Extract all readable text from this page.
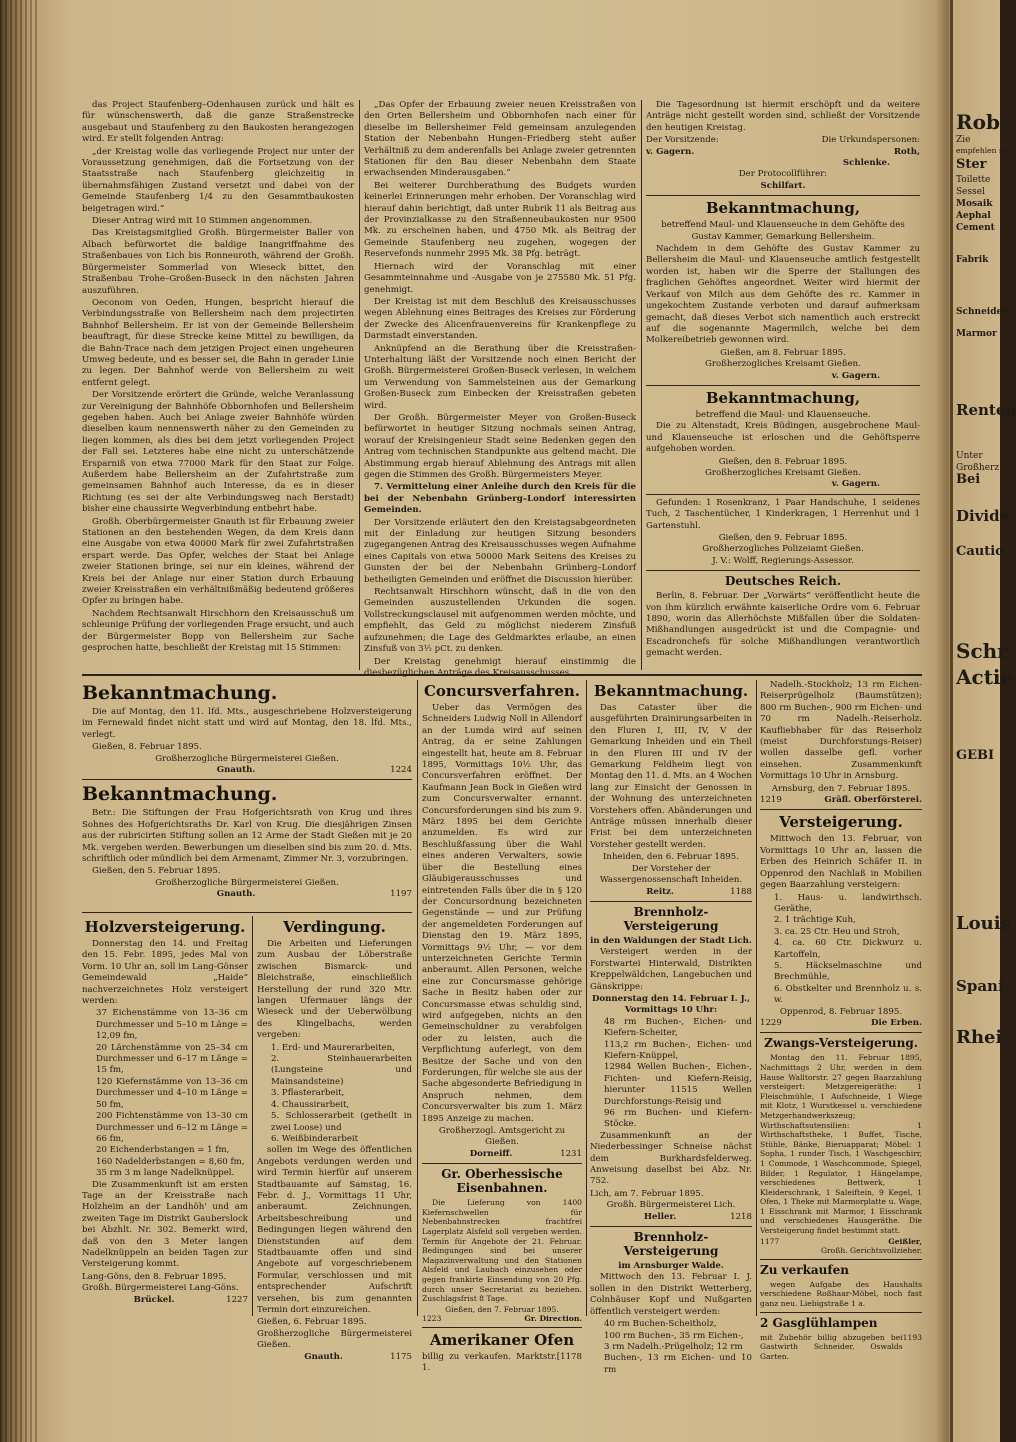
das Project Staufenberg–Odenhausen zurück und hält es für wünschenswerth, daß die ganze Straßenstrecke ausgebaut und Staufenberg zu den Baukosten herangezogen wird. Er stellt folgenden Antrag:

„der Kreistag wolle das vorliegende Project nur unter der Voraussetzung genehmigen, daß die Fortsetzung von der Staatsstraße nach Staufenberg gleichzeitig in übernahmsfähigen Zustand versetzt und dabei von der Gemeinde Staufenberg 1/4 zu den Gesammtbaukosten beigetragen wird.“

Dieser Antrag wird mit 10 Stimmen angenommen.

Das Kreistagsmitglied Großh. Bürgermeister Baller von Albach befürwortet die baldige Inangriffnahme des Straßenbaues von Lich bis Ronneuroth, während der Großh. Bürgermeister Sommerlad von Wieseck bittet, den Straßenbau Trohe–Großen-Buseck in den nächsten Jahren auszuführen.

Oeconom von Oeden, Hungen, bespricht hierauf die Verbindungsstraße von Bellersheim nach dem projectirten Bahnhof Bellersheim. Er ist von der Gemeinde Bellersheim beauftragt, für diese Strecke keine Mittel zu bewilligen, da die Bahn-Trace nach dem jetzigen Project einen ungeheuren Umweg bedeute, und es besser sei, die Bahn in gerader Linie zu legen. Der Bahnhof werde von Bellersheim zu weit entfernt gelegt.

Der Vorsitzende erörtert die Gründe, welche Veranlassung zur Vereinigung der Bahnhöfe Obbornhofen und Bellersheim gegeben haben. Auch bei Anlage zweier Bahnhöfe würden dieselben kaum nennenswerth näher zu den Gemeinden zu liegen kommen, als dies bei dem jetzt vorliegenden Project der Fall sei. Letzteres habe eine nicht zu unterschätzende Ersparniß von etwa 77000 Mark für den Staat zur Folge. Außerdem habe Bellersheim an der Zufahrtstraße zum gemeinsamen Bahnhof auch Interesse, da es in dieser Richtung (es sei der alte Verbindungsweg nach Berstadt) bisher eine chaussirte Wegverbindung entbehrt habe.

Großh. Oberbürgermeister Gnauth ist für Erbauung zweier Stationen an den bestehenden Wegen, da dem Kreis dann eine Ausgabe von etwa 40000 Mark für zwei Zufahrtstraßen erspart werde. Das Opfer, welches der Staat bei Anlage zweier Stationen bringe, sei nur ein kleines, während der Kreis bei der Anlage nur einer Station durch Erbauung zweier Kreisstraßen ein verhältnißmäßig bedeutend größeres Opfer zu bringen habe.

Nachdem Rechtsanwalt Hirschhorn den Kreisausschuß um schleunige Prüfung der vorliegenden Frage ersucht, und auch der Bürgermeister Bopp von Bellersheim zur Sache gesprochen hatte, beschließt der Kreistag mit 15 Stimmen:

„Das Opfer der Erbauung zweier neuen Kreisstraßen von den Orten Bellersheim und Obbornhofen nach einer für dieselbe im Bellersheimer Feld gemeinsam anzulegenden Station der Nebenbahn Hungen–Friedberg steht außer Verhältniß zu dem anderenfalls bei Anlage zweier getrennten Stationen für den Bau dieser Nebenbahn dem Staate erwachsenden Minderausgaben.“

Bei weiterer Durchberathung des Budgets wurden keinerlei Erinnerungen mehr erhoben. Der Voranschlag wird hierauf dahin berichtigt, daß unter Rubrik 11 als Beitrag aus der Provinzialkasse zu den Straßenneubaukosten nur 9500 Mk. zu erscheinen haben, und 4750 Mk. als Beitrag der Gemeinde Staufenberg neu zugehen, wogegen der Reservefonds nunmehr 2995 Mk. 38 Pfg. beträgt.

Hiernach wird der Voranschlag mit einer Gesammteinnahme und -Ausgabe von je 275580 Mk. 51 Pfg. genehmigt.

Der Kreistag ist mit dem Beschluß des Kreisausschusses wegen Ablehnung eines Beitrages des Kreises zur Förderung der Zwecke des Alicenfrauenvereins für Krankenpflege zu Darmstadt einverstanden.

Anknüpfend an die Berathung über die Kreisstraßen-Unterhaltung läßt der Vorsitzende noch einen Bericht der Großh. Bürgermeisterei Großen-Buseck verlesen, in welchem um Verwendung von Sammelsteinen aus der Gemarkung Großen-Buseck zum Einbecken der Kreisstraßen gebeten wird.

Der Großh. Bürgermeister Meyer von Großen-Buseck befürwortet in heutiger Sitzung nochmals seinen Antrag, worauf der Kreisingenieur Stadt seine Bedenken gegen den Antrag vom technischen Standpunkte aus geltend macht. Die Abstimmung ergab hierauf Ablehnung des Antrags mit allen gegen die Stimmen des Großh. Bürgermeisters Meyer.

7. Vermittelung einer Anleihe durch den Kreis für die bei der Nebenbahn Grünberg–Londorf interessirten Gemeinden.

Der Vorsitzende erläutert den den Kreistagsabgeordneten mit der Einladung zur heutigen Sitzung besonders zugegangenen Antrag des Kreisausschusses wegen Aufnahme eines Capitals von etwa 50000 Mark Seitens des Kreises zu Gunsten der bei der Nebenbahn Grünberg–Londorf betheiligten Gemeinden und eröffnet die Discussion hierüber.

Rechtsanwalt Hirschhorn wünscht, daß in die von den Gemeinden auszustellenden Urkunden die sogen. Vollstreckungsclausel mit aufgenommen werden möchte, und empfiehlt, das Geld zu möglichst niederem Zinsfuß aufzunehmen; die Lage des Geldmarktes erlaube, an einen Zinsfuß von 3½ pCt. zu denken.

Der Kreistag genehmigt hierauf einstimmig die diesbezüglichen Anträge des Kreisausschusses.

Die Tagesordnung ist hiermit erschöpft und da weitere Anträge nicht gestellt worden sind, schließt der Vorsitzende den heutigen Kreistag.

Der Vorsitzende:	Die Urkundspersonen:
v. Gagern.	Roth,
Schlenke.
Der Protocollführer:
Schilfart.
Bekanntmachung,

betreffend Maul- und Klauenseuche in dem Gehöfte des Gustav Kammer, Gemarkung Bellersheim.

Nachdem in dem Gehöfte des Gustav Kammer zu Bellersheim die Maul- und Klauenseuche amtlich festgestellt worden ist, haben wir die Sperre der Stallungen des fraglichen Gehöftes angeordnet. Weiter wird hiermit der Verkauf von Milch aus dem Gehöfte des rc. Kammer in ungekochtem Zustande verboten und darauf aufmerksam gemacht, daß dieses Verbot sich namentlich auch erstreckt auf die sogenannte Magermilch, welche bei dem Molkereibetrieb gewonnen wird.

Gießen, am 8. Februar 1895.
Großherzogliches Kreisamt Gießen.
v. Gagern.
Bekanntmachung,
betreffend die Maul- und Klauenseuche.

Die zu Altenstadt, Kreis Büdingen, ausgebrochene Maul- und Klauenseuche ist erloschen und die Gehöftsperre aufgehoben worden.

Gießen, den 8. Februar 1895.
Großherzogliches Kreisamt Gießen.
v. Gagern.

Gefunden: 1 Rosenkranz, 1 Paar Handschuhe, 1 seidenes Tuch, 2 Taschentücher, 1 Kinderkragen, 1 Herrenhut und 1 Gartenstuhl.

Gießen, den 9. Februar 1895.
Großherzogliches Polizeiamt Gießen.
J. V.: Wolff, Regierungs-Assessor.
Deutsches Reich.

Berlin, 8. Februar. Der „Vorwärts“ veröffentlicht heute die von ihm kürzlich erwähnte kaiserliche Ordre vom 6. Februar 1890, worin das Allerhöchste Mißfallen über die Soldaten-Mißhandlungen ausgedrückt ist und die Compagnie- und Escadronchefs für solche Mißhandlungen verantwortlich gemacht werden.

Bekanntmachung.

Die auf Montag, den 11. lfd. Mts., ausgeschriebene Holzversteigerung im Fernewald findet nicht statt und wird auf Montag, den 18. lfd. Mts., verlegt.

Gießen, 8. Februar 1895.
Großherzogliche Bürgermeisterei Gießen.
Gnauth.	1224
Bekanntmachung.

Betr.: Die Stiftungen der Frau Hofgerichtsrath von Krug und ihres Sohnes des Hofgerichtsraths Dr. Karl von Krug. Die diesjährigen Zinsen aus der rubricirten Stiftung sollen an 12 Arme der Stadt Gießen mit je 20 Mk. vergeben werden. Bewerbungen um dieselben sind bis zum 20. d. Mts. schriftlich oder mündlich bei dem Armenamt, Zimmer Nr. 3, vorzubringen.

Gießen, den 5. Februar 1895.
Großherzogliche Bürgermeisterei Gießen.
Gnauth.	1197
Holzversteigerung.

Donnerstag den 14. und Freitag den 15. Febr. 1895, jedes Mal von Vorm. 10 Uhr an, soll im Lang-Gönser Gemeindewald „Haide“ nachverzeichnetes Holz versteigert werden:

37 Eichenstämme von 13–36 cm Durchmesser und 5–10 m Länge = 12,09 fm,
20 Lärchenstämme von 25–34 cm Durchmesser und 6–17 m Länge = 15 fm,
120 Kiefernstämme von 13–36 cm Durchmesser und 4–10 m Länge = 50 fm,
200 Fichtenstämme von 13–30 cm Durchmesser und 6–12 m Länge = 66 fm,
20 Eichenderbstangen = 1 fm,
160 Nadelderbstangen = 8,60 fm,
35 rm 3 m lange Nadelknüppel.

Die Zusammenkunft ist am ersten Tage an der Kreisstraße nach Holzheim an der Landhöh' und am zweiten Tage im Distrikt Gauberslock bei Abzhlt. Nr. 302. Bemerkt wird, daß von den 3 Meter langen Nadelknüppeln an beiden Tagen zur Versteigerung kommt.

Lang-Göns, den 8. Februar 1895.
Großh. Bürgermeisterei Lang-Göns.
Brückel.	1227
Verdingung.

Die Arbeiten und Lieferungen zum Ausbau der Löberstraße zwischen Bismarck- und Bleichstraße, einschließlich Herstellung der rund 320 Mtr. langen Ufermauer längs der Wieseck und der Ueberwölbung des Klingelbachs, werden vergeben:

1. Erd- und Maurerarbeiten,
2. Steinhauerarbeiten (Lungsteine und Mainsandsteine)
3. Pflasterarbeit,
4. Chaussirarbeit,
5. Schlosserarbeit (getheilt in zwei Loose) und
6. Weißbinderarbeit

sollen im Wege des öffentlichen Angebots verdungen werden und wird Termin hierfür auf unserem Stadtbauamte auf Samstag, 16. Febr. d. J., Vormittags 11 Uhr, anberaumt. Zeichnungen, Arbeitsbeschreibung und Bedingungen liegen während den Dienststunden auf dem Stadtbauamte offen und sind Angebote auf vorgeschriebenem Formular, verschlossen und mit entsprechender Aufschrift versehen, bis zum genannten Termin dort einzureichen.

Gießen, 6. Februar 1895.
Großherzogliche Bürgermeisterei Gießen.
Gnauth.	1175
Concursverfahren.

Ueber das Vermögen des Schneiders Ludwig Noll in Allendorf an der Lumda wird auf seinen Antrag, da er seine Zahlungen eingestellt hat, heute am 8. Februar 1895, Vormittags 10½ Uhr, das Concursverfahren eröffnet. Der Kaufmann Jean Bock in Gießen wird zum Concursverwalter ernannt. Concursforderungen sind bis zum 9. März 1895 bei dem Gerichte anzumelden. Es wird zur Beschlußfassung über die Wahl eines anderen Verwalters, sowie über die Bestellung eines Gläubigerausschusses und eintretenden Falls über die in § 120 der Concursordnung bezeichneten Gegenstände — und zur Prüfung der angemeldeten Forderungen auf Dienstag den 19. März 1895, Vormittags 9½ Uhr, — vor dem unterzeichneten Gerichte Termin anberaumt. Allen Personen, welche eine zur Concursmasse gehörige Sache in Besitz haben oder zur Concursmasse etwas schuldig sind, wird aufgegeben, nichts an den Gemeinschuldner zu verabfolgen oder zu leisten, auch die Verpflichtung auferlegt, von dem Besitze der Sache und von den Forderungen, für welche sie aus der Sache abgesonderte Befriedigung in Anspruch nehmen, dem Concursverwalter bis zum 1. März 1895 Anzeige zu machen.

Großherzogl. Amtsgericht zu Gießen.
Dorneiff.	1231
Gr. Oberhessische Eisenbahnen.

Die Lieferung von 1400 Kiefernschwellen für Nebenbahnstrecken frachtfrei Lagerplatz Alsfeld soll vergeben werden. Termin für Angebote der 21. Februar. Bedingungen sind bei unserer Magazinverwaltung und den Stationen Alsfeld und Laubach einzusehen oder gegen frankirte Einsendung von 20 Pfg. durch unser Secretariat zu beziehen. Zuschlagsfrist 8 Tage.

Gießen, den 7. Februar 1895.
1223	Gr. Direction.
Amerikaner Ofen
billig zu verkaufen. Marktstr. 1.
[1178
Bekanntmachung.

Das Cataster über die ausgeführten Drainirungsarbeiten in den Fluren I, III, IV, V der Gemarkung Inheiden und ein Theil in den Fluren III und IV der Gemarkung Feldheim liegt von Montag den 11. d. Mts. an 4 Wochen lang zur Einsicht der Genossen in der Wohnung des unterzeichneten Vorstehers offen. Abänderungen und Anträge müssen innerhalb dieser Frist bei dem unterzeichneten Vorsteher gestellt werden.

Inheiden, den 6. Februar 1895.
Der Vorsteher der Wassergenossenschaft Inheiden.
Reitz.	1188
Brennholz-Versteigerung
in den Waldungen der Stadt Lich.

Versteigert werden in der Forstwartei Hinterwald, Distrikten Kreppelwäldchen, Langebuchen und Gänskrippe:

Donnerstag den 14. Februar I. J., Vormittags 10 Uhr:
48 rm Buchen-, Eichen- und Kiefern-Scheiter,
113,2 rm Buchen-, Eichen- und Kiefern-Knüppel,
12984 Wellen Buchen-, Eichen-, Fichten- und Kiefern-Reisig, hierunter 11515 Wellen Durchforstungs-Reisig und
96 rm Buchen- und Kiefern-Stöcke.

Zusammenkunft an der Niederbessinger Schneise nächst dem Burkhardsfelderweg. Anweisung daselbst bei Abz. Nr. 752.

Lich, am 7. Februar 1895.
Großh. Bürgermeisterei Lich.
Heller.	1218
Brennholz-Versteigerung
im Arnsburger Walde.

Mittwoch den 13. Februar I. J. sollen in den Distrikt Wetterberg, Colnhäuser Kopf und Nußgarten öffentlich versteigert werden:

40 rm Buchen-Scheitholz,
100 rm Buchen-, 35 rm Eichen-,
3 rm Nadelh.-Prügelholz; 12 rm
Buchen-, 13 rm Eichen- und 10 rm

Nadelh.-Stockholz; 13 rm Eichen-Reiserprügelholz (Baumstützen); 800 rm Buchen-, 900 rm Eichen- und 70 rm Nadelh.-Reiserholz. Kaufliebhaber für das Reiserholz (meist Durchforstungs-Reiser) wollen dasselbe gefl. vorher einsehen. Zusammenkunft Vormittags 10 Uhr in Arnsburg.

Arnsburg, den 7. Februar 1895.
1219	Gräfl. Oberförsterei.
Versteigerung.

Mittwoch den 13. Februar, von Vormittags 10 Uhr an, lassen die Erben des Heinrich Schäfer II. in Oppenrod den Nachlaß in Mobilien gegen Baarzahlung versteigern:

1. Haus- u. landwirthsch. Geräthe,
2. 1 trächtige Kuh,
3. ca. 25 Ctr. Heu und Stroh,
4. ca. 60 Ctr. Dickwurz u. Kartoffeln,
5. Häckselmaschine und Brechmühle,
6. Obstkelter und Brennholz u. s. w.
Oppenrod, 8. Februar 1895.
1229	Die Erben.
Zwangs-Versteigerung.

Montag den 11. Februar 1895, Nachmittags 2 Uhr, werden in dem Hause Walltorstr. 27 gegen Baarzahlung versteigert: Metzgereigeräthe: 1 Fleischmühle, 1 Aufschneide, 1 Wiege mit Klotz, 1 Wurstkessel u. verschiedene Metzgerhandwerkszeug; Wirthschaftsutensilien: 1 Wirthschaftstheke, 1 Buffet, Tische, Stühle, Bänke, Bieruapparat; Möbel: 1 Sopha, 1 runder Tisch, 1 Waschgeschirr, 1 Commode, 1 Waschcommode, Spiegel, Bilder, 1 Regulator, 1 Hängelampe, verschiedenes Bettwerk, 1 Kleiderschrank, 1 Saleiftein, 9 Kegel, 1 Ofen, 1 Theke mit Marmorplatte u. Wage, 1 Eisschrank mit Marmor, 1 Eisschrank und verschiedenes Hausgeräthe. Die Versteigerung findet bestimmt statt.

1177	Geißler,
Großh. Gerichtsvollzieher.
Zu verkaufen

wegen Aufgabe des Haushalts verschiedene Roßhaar-Möbel, noch fast ganz neu. Liebigstraße 1 a.

2 Gasglühlampen
mit Zubehör billig abzugeben bei Gastwirth Schneider, Oswalds Garten.
1193
Rob
Zie
empfehlen sich
Ster
Toilette
Sessel
Mosaik
Aephal
Cement
Fabrik
Schneider
Marmor
Renten
Unter
Großherz
Bei
Divide
Cautio
Schr
Actie
GEBI
Louis
Spani
Rhei
